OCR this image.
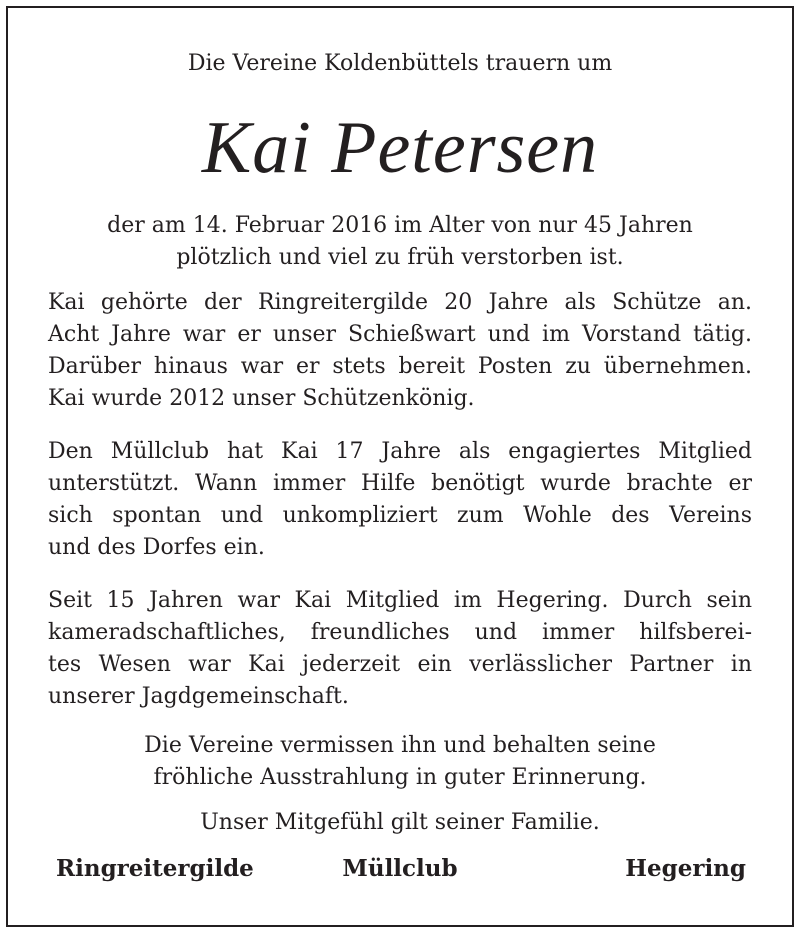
Die Vereine Koldenbüttels trauern um
Kai Petersen
der am 14. Februar 2016 im Alter von nur 45 Jahren
plötzlich und viel zu früh verstorben ist.
Kai gehörte der Ringreitergilde 20 Jahre als Schütze an.
Acht Jahre war er unser Schießwart und im Vorstand tätig.
Darüber hinaus war er stets bereit Posten zu übernehmen.
Kai wurde 2012 unser Schützenkönig.
Den Müllclub hat Kai 17 Jahre als engagiertes Mitglied
unterstützt. Wann immer Hilfe benötigt wurde brachte er
sich spontan und unkompliziert zum Wohle des Vereins
und des Dorfes ein.
Seit 15 Jahren war Kai Mitglied im Hegering. Durch sein
kameradschaftliches, freundliches und immer hilfsberei-
tes Wesen war Kai jederzeit ein verlässlicher Partner in
unserer Jagdgemeinschaft.
Die Vereine vermissen ihn und behalten seine
fröhliche Ausstrahlung in guter Erinnerung.
Unser Mitgefühl gilt seiner Familie.
Ringreitergilde	Müllclub	Hegering
